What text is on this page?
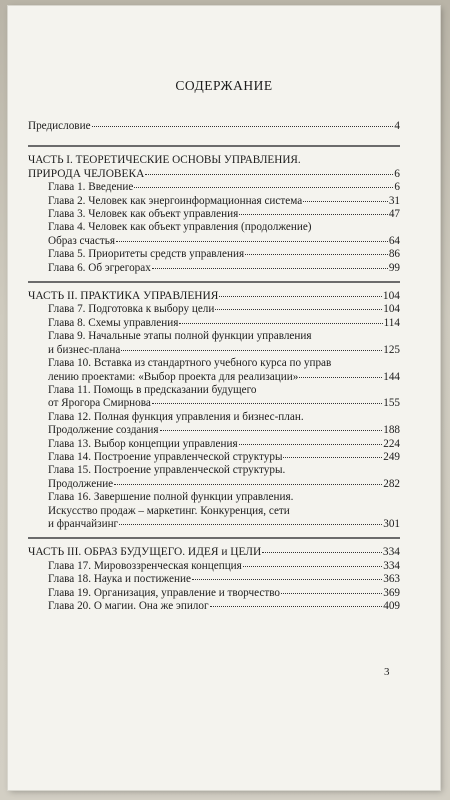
СОДЕРЖАНИЕ
Предисловие	4
ЧАСТЬ I. ТЕОРЕТИЧЕСКИЕ ОСНОВЫ УПРАВЛЕНИЯ.
ПРИРОДА ЧЕЛОВЕКА	6
Глава 1. Введение	6
Глава 2. Человек как энергоинформационная система	31
Глава 3. Человек как объект управления	47
Глава 4. Человек как объект управления (продолжение)
Образ счастья	64
Глава 5. Приоритеты средств управления	86
Глава 6. Об эгрегорах	99
ЧАСТЬ II. ПРАКТИКА УПРАВЛЕНИЯ	104
Глава 7. Подготовка к выбору цели	104
Глава 8. Схемы управления	114
Глава 9. Начальные этапы полной функции управления
и бизнес-плана	125
Глава 10. Вставка из стандартного учебного курса по управ
лению проектами: «Выбор проекта для реализации»	144
Глава 11. Помощь в предсказании будущего
от Ярогора Смирнова	155
Глава 12. Полная функция управления и бизнес-план.
Продолжение создания	188
Глава 13. Выбор концепции управления	224
Глава 14. Построение управленческой структуры	249
Глава 15. Построение управленческой структуры.
Продолжение	282
Глава 16. Завершение полной функции управления.
Искусство продаж – маркетинг. Конкуренция, сети
и франчайзинг	301
ЧАСТЬ III. ОБРАЗ БУДУЩЕГО. ИДЕЯ и ЦЕЛИ	334
Глава 17. Мировоззренческая концепция	334
Глава 18. Наука и постижение	363
Глава 19. Организация, управление и творчество	369
Глава 20. О магии. Она же эпилог	409
3
